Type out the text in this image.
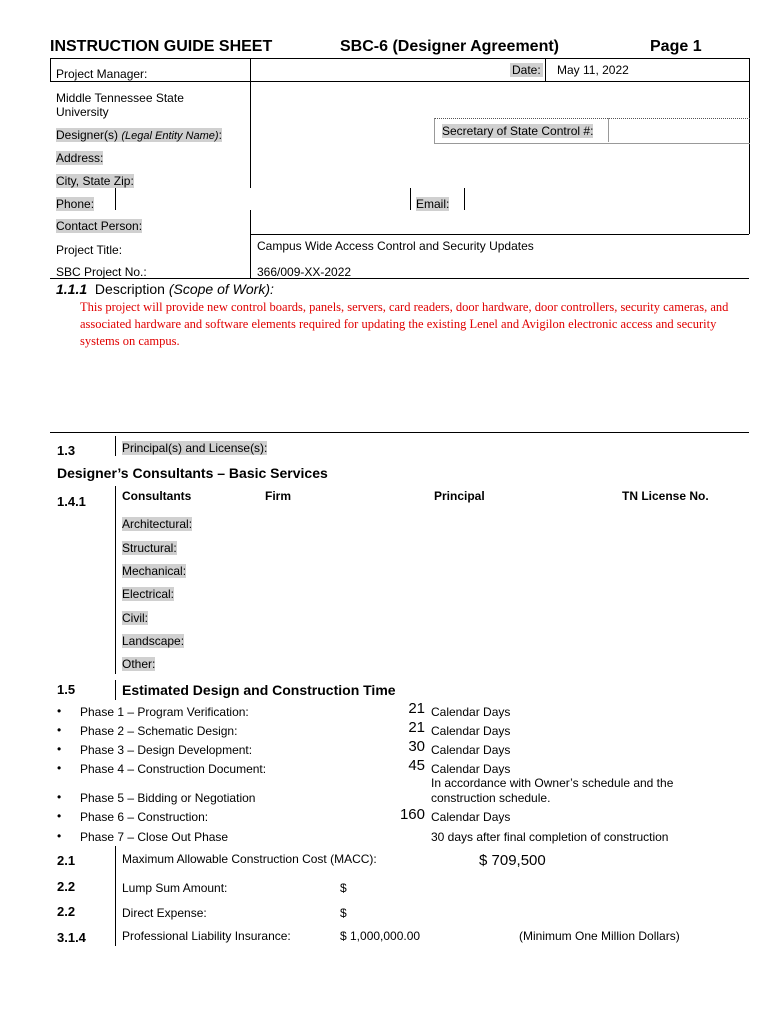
INSTRUCTION GUIDE SHEET	SBC-6 (Designer Agreement)	Page 1
Project Manager:	Date: May 11, 2022
Middle Tennessee State University
Designer(s) (Legal Entity Name):	Secretary of State Control #:
Address:
City, State Zip:
Phone:	Email:
Contact Person:
Project Title:	Campus Wide Access Control and Security Updates
SBC Project No.:	366/009-XX-2022
1.1.1 Description (Scope of Work):
This project will provide new control boards, panels, servers, card readers, door hardware, door controllers, security cameras, and associated hardware and software elements required for updating the existing Lenel and Avigilon electronic access and security systems on campus.
1.3	Principal(s) and License(s):
Designer’s Consultants – Basic Services
1.4.1	Consultants	Firm	Principal	TN License No.
Architectural:
Structural:
Mechanical:
Electrical:
Civil:
Landscape:
Other:
1.5	Estimated Design and Construction Time
• Phase 1 – Program Verification:	21 Calendar Days
• Phase 2 – Schematic Design:	21 Calendar Days
• Phase 3 – Design Development:	30 Calendar Days
• Phase 4 – Construction Document:	45 Calendar Days
• Phase 5 – Bidding or Negotiation
In accordance with Owner’s schedule and the construction schedule.
• Phase 6 – Construction:	160 Calendar Days
• Phase 7 – Close Out Phase	30 days after final completion of construction
2.1	Maximum Allowable Construction Cost (MACC):	$ 709,500
2.2	Lump Sum Amount:	$
2.2	Direct Expense:	$
3.1.4	Professional Liability Insurance:	$ 1,000,000.00	(Minimum One Million Dollars)
